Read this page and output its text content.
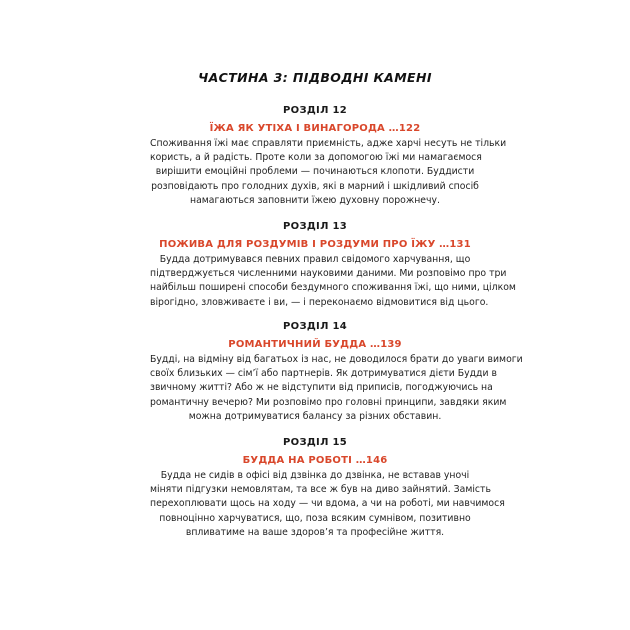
ЧАСТИНА 3: ПІДВОДНІ КАМЕНІ
РОЗДІЛ 12
ЇЖА ЯК УТІХА І ВИНАГОРОДА …122
Споживання їжі має справляти приємність, адже харчі несуть не тільки
користь, а й радість. Проте коли за допомогою їжі ми намагаємося
вирішити емоційні проблеми — починаються клопоти. Буддисти
розповідають про голодних духів, які в марний і шкідливий спосіб
намагаються заповнити їжею духовну порожнечу.
РОЗДІЛ 13
ПОЖИВА ДЛЯ РОЗДУМІВ І РОЗДУМИ ПРО ЇЖУ …131
Будда дотримувався певних правил свідомого харчування, що
підтверджується численними науковими даними. Ми розповімо про три
найбільш поширені способи бездумного споживання їжі, що ними, цілком
вірогідно, зловживаєте і ви, — і переконаємо відмовитися від цього.
РОЗДІЛ 14
РОМАНТИЧНИЙ БУДДА …139
Будді, на відміну від багатьох із нас, не доводилося брати до уваги вимоги
своїх близьких — сім’ї або партнерів. Як дотримуватися дієти Будди в
звичному житті? Або ж не відступити від приписів, погоджуючись на
романтичну вечерю? Ми розповімо про головні принципи, завдяки яким
можна дотримуватися балансу за різних обставин.
РОЗДІЛ 15
БУДДА НА РОБОТІ …146
Будда не сидів в офісі від дзвінка до дзвінка, не вставав уночі
міняти підгузки немовлятам, та все ж був на диво зайнятий. Замість
перехоплювати щось на ходу — чи вдома, а чи на роботі, ми навчимося
повноцінно харчуватися, що, поза всяким сумнівом, позитивно
впливатиме на ваше здоров’я та професійне життя.
